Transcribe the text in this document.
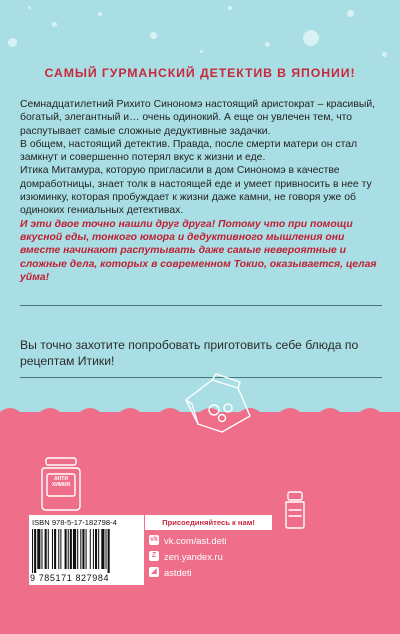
САМЫЙ ГУРМАНСКИЙ ДЕТЕКТИВ В ЯПОНИИ!

Семнадцатилетний Рихито Синономэ настоящий аристократ – красивый, богатый, элегантный и… очень одинокий. А еще он увлечен тем, что распутывает самые сложные дедуктивные задачки.

В общем, настоящий детектив. Правда, после смерти матери он стал замкнут и совершенно потерял вкус к жизни и еде.

Итика Митамура, которую пригласили в дом Синономэ в качестве домработницы, знает толк в настоящей еде и умеет привносить в нее ту изюминку, которая пробуждает к жизни даже камни, не говоря уже об одиноких гениальных детективах.

И эти двое точно нашли друг друга! Потому что при помощи вкусной еды, тонкого юмора и дедуктивного мышления они вместе начинают распутывать даже самые невероятные и сложные дела, которых в современном Токио, оказывается, целая уйма!

Вы точно захотите попробовать приготовить себе блюда по рецептам Итики!
АНТИ ХИМИЯ
ISBN 978-5-17-182798-4
9 785171 827984
Присоединяйтесь к нам!
vk vk.com/ast.deti
Z zen.yandex.ru
◢ astdeti
